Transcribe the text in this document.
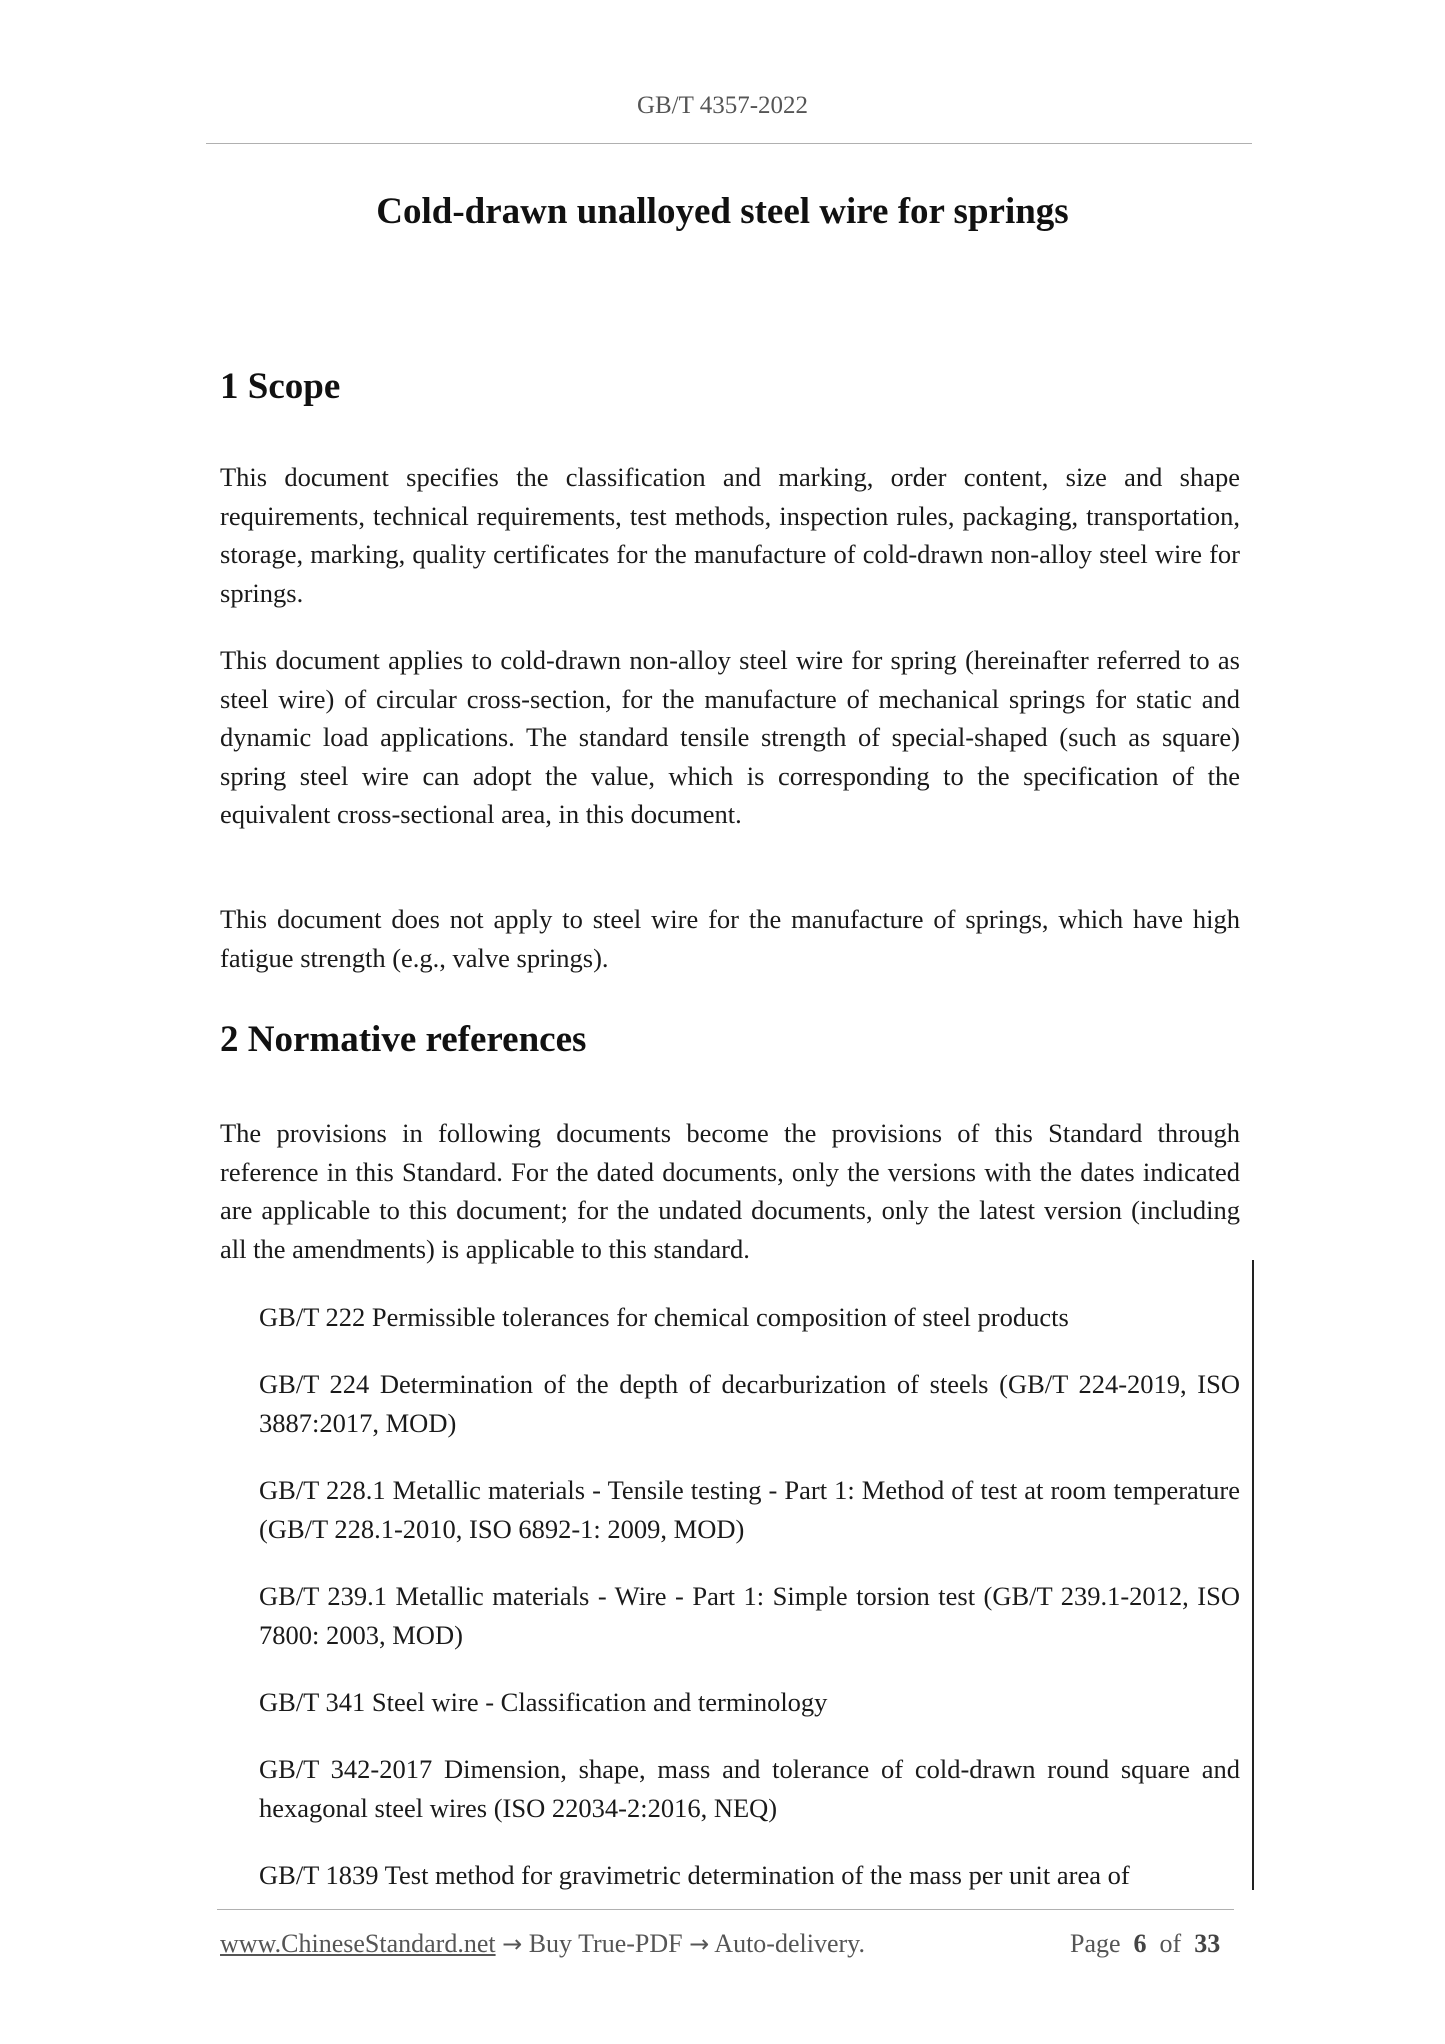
GB/T 4357-2022
Cold-drawn unalloyed steel wire for springs
1 Scope
This document specifies the classification and marking, order content, size and shape requirements, technical requirements, test methods, inspection rules, packaging, transportation, storage, marking, quality certificates for the manufacture of cold-drawn non-alloy steel wire for springs.
This document applies to cold-drawn non-alloy steel wire for spring (hereinafter referred to as steel wire) of circular cross-section, for the manufacture of mechanical springs for static and dynamic load applications. The standard tensile strength of special-shaped (such as square) spring steel wire can adopt the value, which is corresponding to the specification of the equivalent cross-sectional area, in this document.
This document does not apply to steel wire for the manufacture of springs, which have high fatigue strength (e.g., valve springs).
2 Normative references
The provisions in following documents become the provisions of this Standard through reference in this Standard. For the dated documents, only the versions with the dates indicated are applicable to this document; for the undated documents, only the latest version (including all the amendments) is applicable to this standard.
GB/T 222 Permissible tolerances for chemical composition of steel products
GB/T 224 Determination of the depth of decarburization of steels (GB/T 224-2019, ISO 3887:2017, MOD)
GB/T 228.1 Metallic materials - Tensile testing - Part 1: Method of test at room temperature (GB/T 228.1-2010, ISO 6892-1: 2009, MOD)
GB/T 239.1 Metallic materials - Wire - Part 1: Simple torsion test (GB/T 239.1-2012, ISO 7800: 2003, MOD)
GB/T 341 Steel wire - Classification and terminology
GB/T 342-2017 Dimension, shape, mass and tolerance of cold-drawn round square and hexagonal steel wires (ISO 22034-2:2016, NEQ)
GB/T 1839 Test method for gravimetric determination of the mass per unit area of
www.ChineseStandard.net → Buy True-PDF → Auto-delivery.	Page 6 of 33
